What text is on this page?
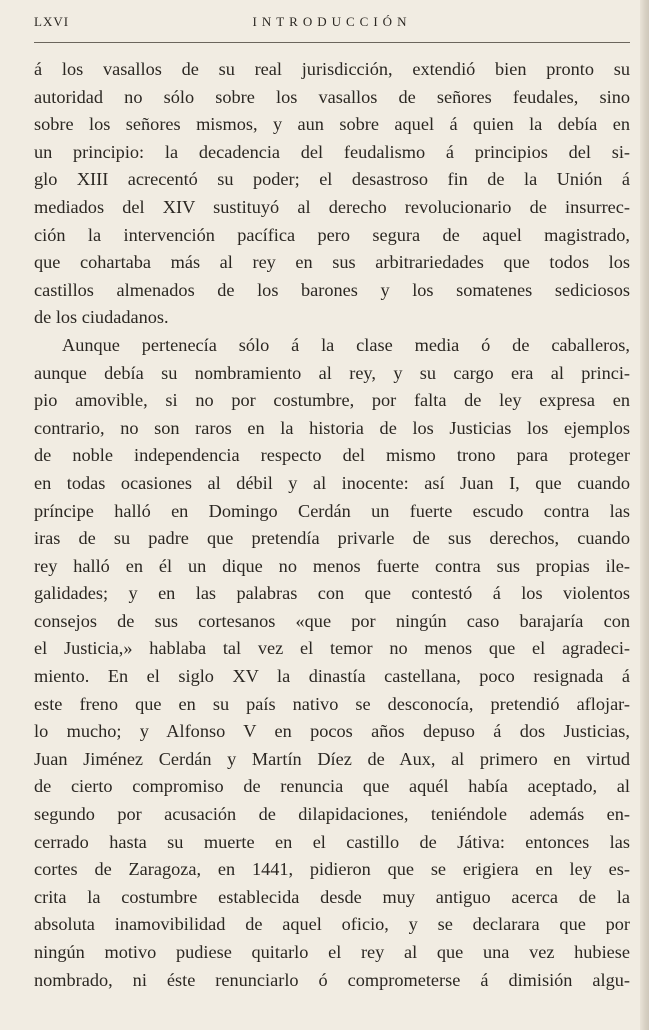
LXVI	INTRODUCCIÓN
á los vasallos de su real jurisdicción, extendió bien pronto su
autoridad no sólo sobre los vasallos de señores feudales, sino
sobre los señores mismos, y aun sobre aquel á quien la debía en
un principio: la decadencia del feudalismo á principios del si-
glo XIII acrecentó su poder; el desastroso fin de la Unión á
mediados del XIV sustituyó al derecho revolucionario de insurrec-
ción la intervención pacífica pero segura de aquel magistrado,
que cohartaba más al rey en sus arbitrariedades que todos los
castillos almenados de los barones y los somatenes sediciosos
de los ciudadanos.
Aunque pertenecía sólo á la clase media ó de caballeros,
aunque debía su nombramiento al rey, y su cargo era al princi-
pio amovible, si no por costumbre, por falta de ley expresa en
contrario, no son raros en la historia de los Justicias los ejemplos
de noble independencia respecto del mismo trono para proteger
en todas ocasiones al débil y al inocente: así Juan I, que cuando
príncipe halló en Domingo Cerdán un fuerte escudo contra las
iras de su padre que pretendía privarle de sus derechos, cuando
rey halló en él un dique no menos fuerte contra sus propias ile-
galidades; y en las palabras con que contestó á los violentos
consejos de sus cortesanos «que por ningún caso barajaría con
el Justicia,» hablaba tal vez el temor no menos que el agradeci-
miento. En el siglo XV la dinastía castellana, poco resignada á
este freno que en su país nativo se desconocía, pretendió aflojar-
lo mucho; y Alfonso V en pocos años depuso á dos Justicias,
Juan Jiménez Cerdán y Martín Díez de Aux, al primero en virtud
de cierto compromiso de renuncia que aquél había aceptado, al
segundo por acusación de dilapidaciones, teniéndole además en-
cerrado hasta su muerte en el castillo de Játiva: entonces las
cortes de Zaragoza, en 1441, pidieron que se erigiera en ley es-
crita la costumbre establecida desde muy antiguo acerca de la
absoluta inamovibilidad de aquel oficio, y se declarara que por
ningún motivo pudiese quitarlo el rey al que una vez hubiese
nombrado, ni éste renunciarlo ó comprometerse á dimisión algu-
